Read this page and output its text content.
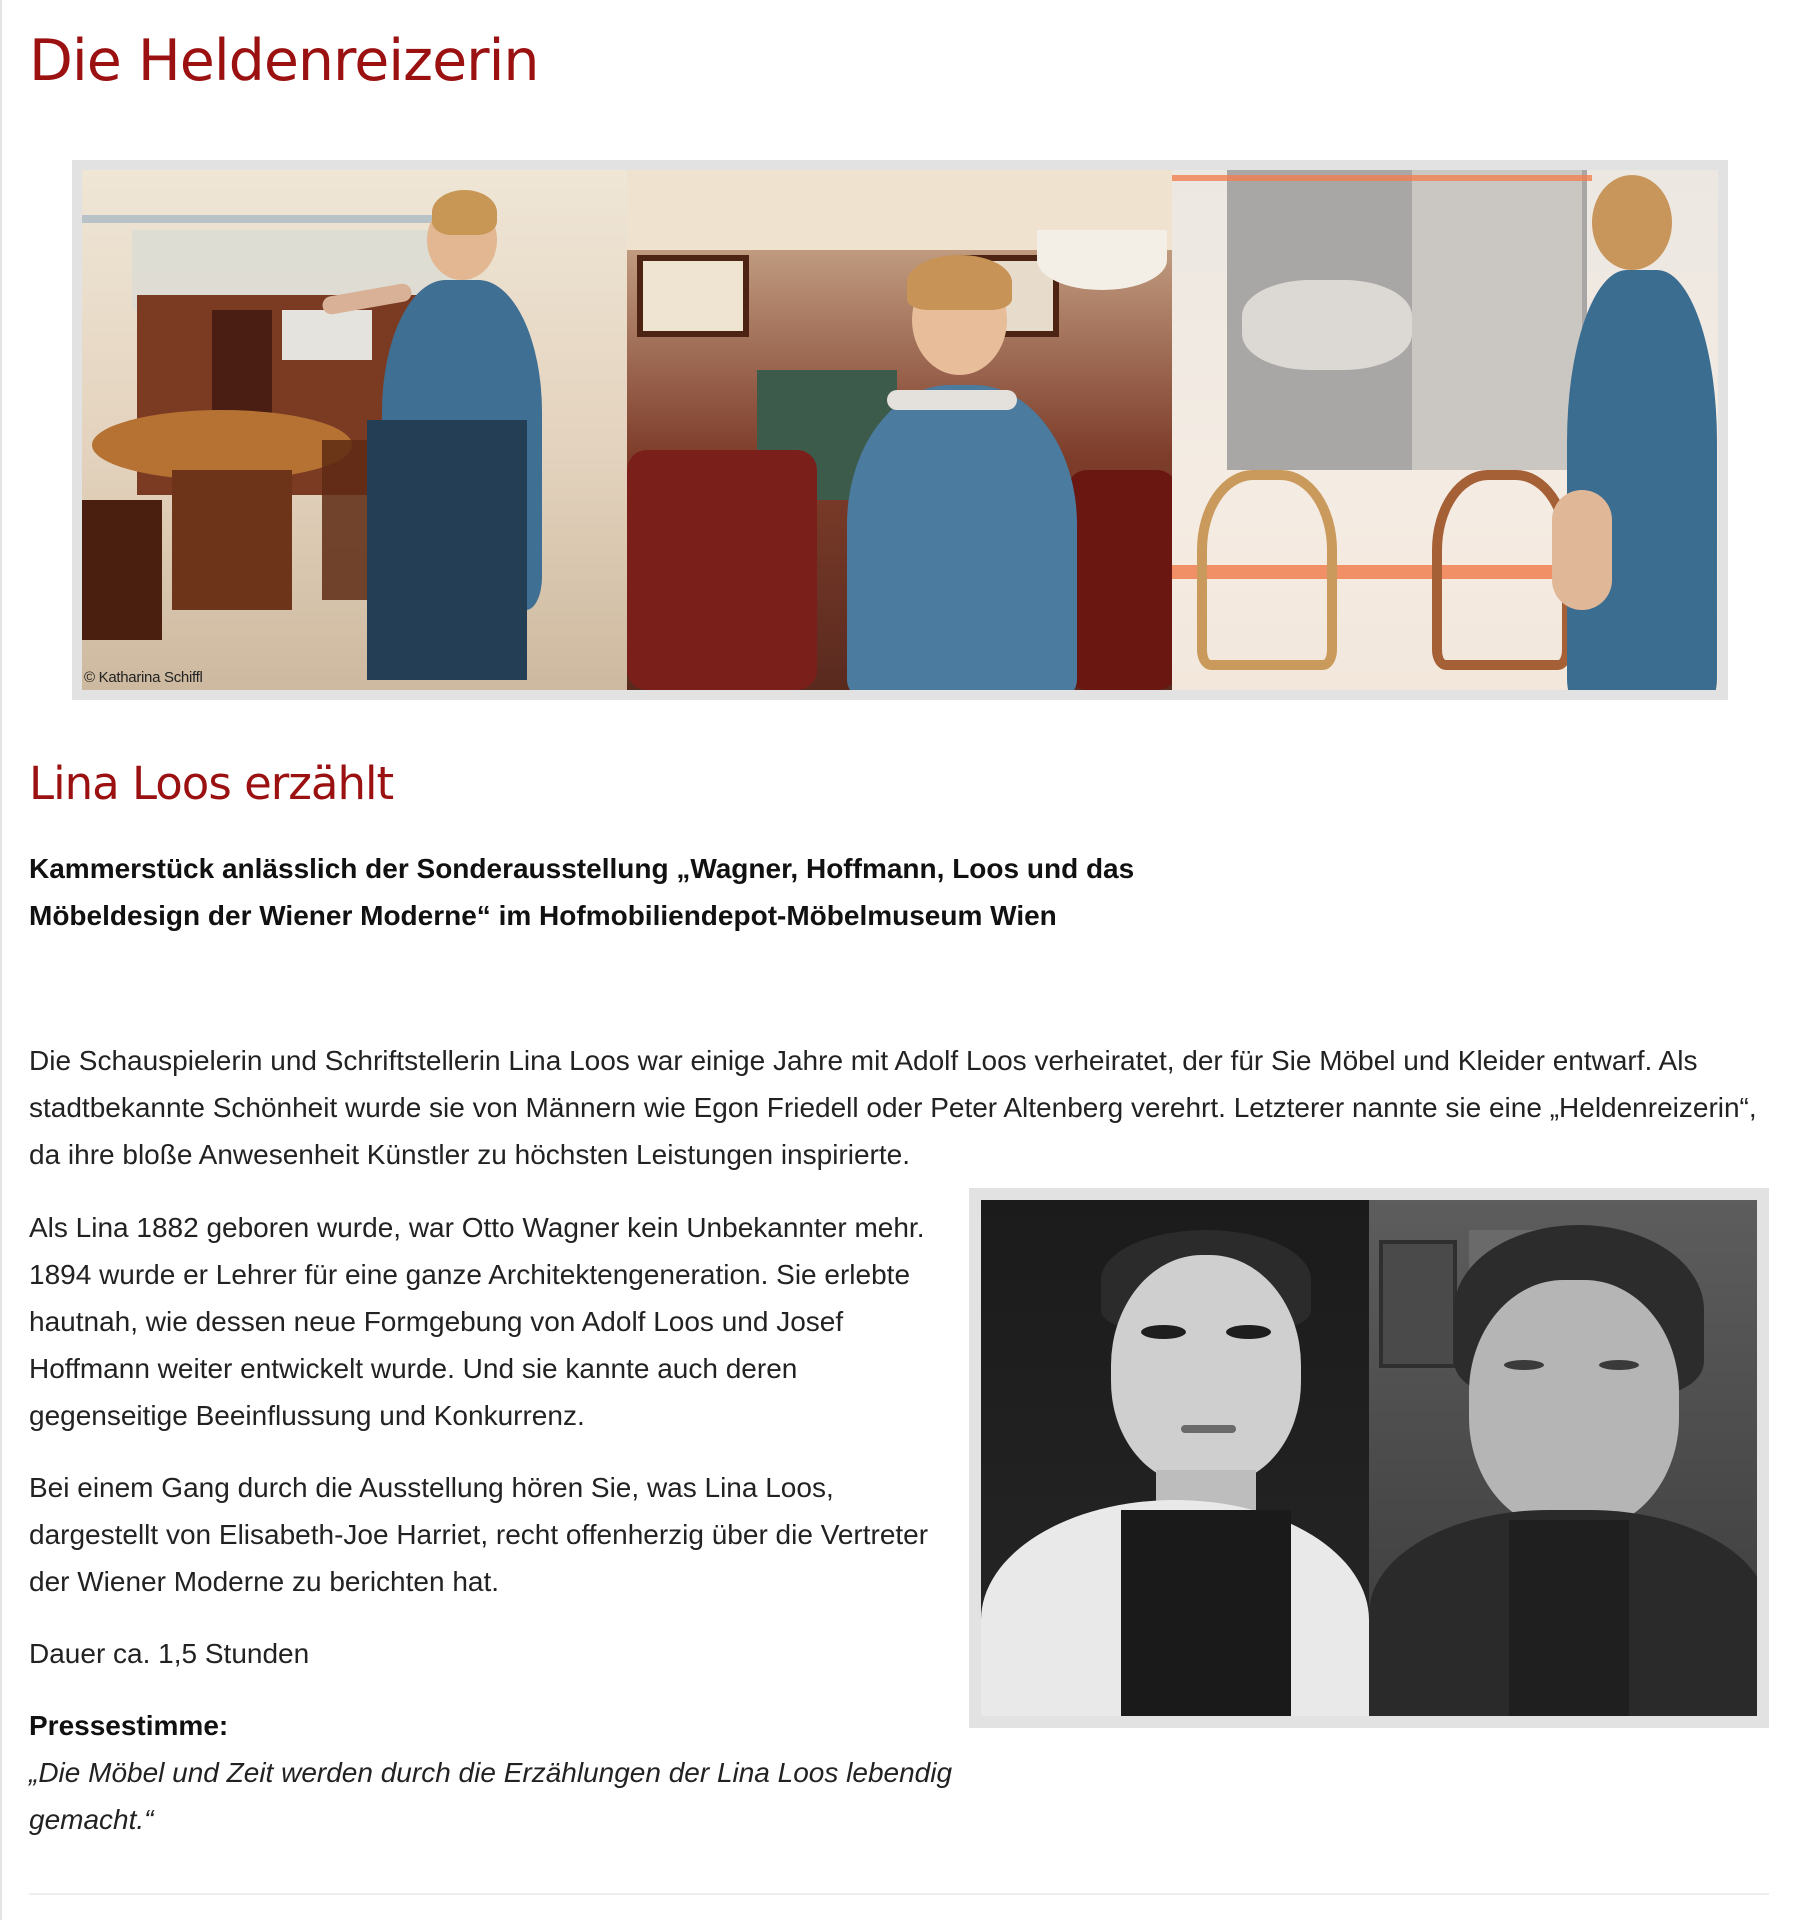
Die Heldenreizerin
© Katharina Schiffl
Lina Loos erzählt

Kammerstück anlässlich der Sonderausstellung „Wagner, Hoffmann, Loos und das Möbeldesign der Wiener Moderne“ im Hofmobiliendepot-Möbelmuseum Wien

Die Schauspielerin und Schriftstellerin Lina Loos war einige Jahre mit Adolf Loos verheiratet, der für Sie Möbel und Kleider entwarf. Als stadtbekannte Schönheit wurde sie von Männern wie Egon Friedell oder Peter Altenberg verehrt. Letzterer nannte sie eine „Heldenreizerin“, da ihre bloße Anwesenheit Künstler zu höchsten Leistungen inspirierte.

Als Lina 1882 geboren wurde, war Otto Wagner kein Unbekannter mehr. 1894 wurde er Lehrer für eine ganze Architektengeneration. Sie erlebte hautnah, wie dessen neue Formgebung von Adolf Loos und Josef Hoffmann weiter entwickelt wurde. Und sie kannte auch deren gegenseitige Beeinflussung und Konkurrenz.

Bei einem Gang durch die Ausstellung hören Sie, was Lina Loos, dargestellt von Elisabeth-Joe Harriet, recht offenherzig über die Vertreter der Wiener Moderne zu berichten hat.

Dauer ca. 1,5 Stunden

Pressestimme:
„Die Möbel und Zeit werden durch die Erzählungen der Lina Loos lebendig gemacht.“
